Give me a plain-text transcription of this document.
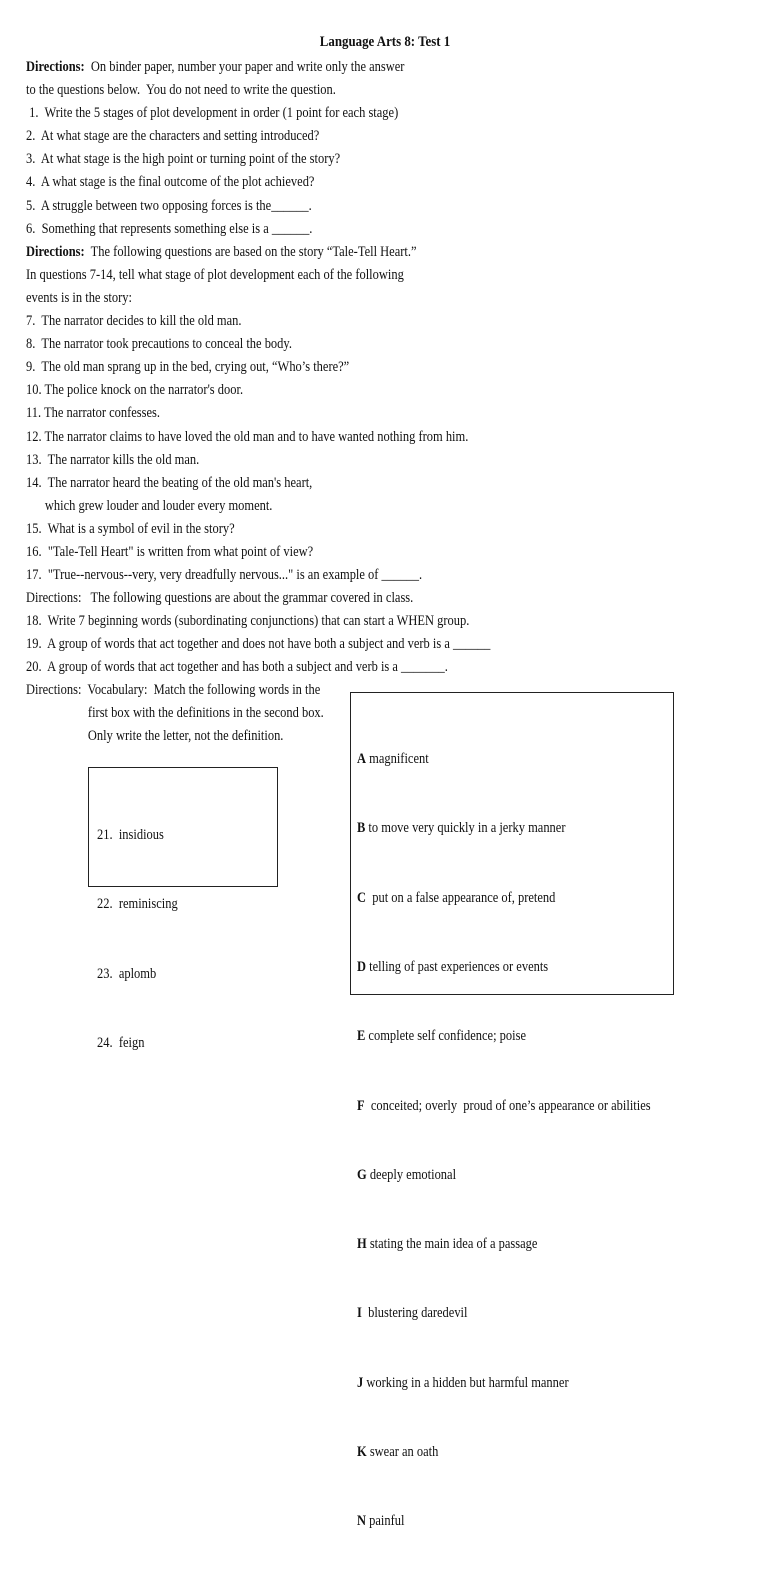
Language Arts 8: Test 1
Directions:  On binder paper, number your paper and write only the answer
to the questions below.  You do not need to write the question.
1.  Write the 5 stages of plot development in order (1 point for each stage)
2.  At what stage are the characters and setting introduced?
3.  At what stage is the high point or turning point of the story?
4.  A what stage is the final outcome of the plot achieved?
5.  A struggle between two opposing forces is the______.
6.  Something that represents something else is a ______.
Directions:  The following questions are based on the story “Tale-Tell Heart.”
In questions 7-14, tell what stage of plot development each of the following
events is in the story:
7.  The narrator decides to kill the old man.
8.  The narrator took precautions to conceal the body.
9.  The old man sprang up in the bed, crying out, “Who’s there?”
10. The police knock on the narrator's door.
11. The narrator confesses.
12. The narrator claims to have loved the old man and to have wanted nothing from him.
13.  The narrator kills the old man.
14.  The narrator heard the beating of the old man's heart,
which grew louder and louder every moment.
15.  What is a symbol of evil in the story?
16.  "Tale-Tell Heart" is written from what point of view?
17.  "True--nervous--very, very dreadfully nervous..." is an example of ______.
Directions:   The following questions are about the grammar covered in class.
18.  Write 7 beginning words (subordinating conjunctions) that can start a WHEN group.
19.  A group of words that act together and does not have both a subject and verb is a ______
20.  A group of words that act together and has both a subject and verb is a _______.
Directions:  Vocabulary:  Match the following words in the
first box with the definitions in the second box.
Only write the letter, not the definition.

21.  insidious

22.  reminiscing

23.  aplomb

24.  feign

A magnificent

B to move very quickly in a jerky manner

C  put on a false appearance of, pretend

D telling of past experiences or events

E complete self confidence; poise

F  conceited; overly  proud of one’s appearance or abilities

G deeply emotional

H stating the main idea of a passage

I  blustering daredevil

J working in a hidden but harmful manner

K swear an oath

N painful
